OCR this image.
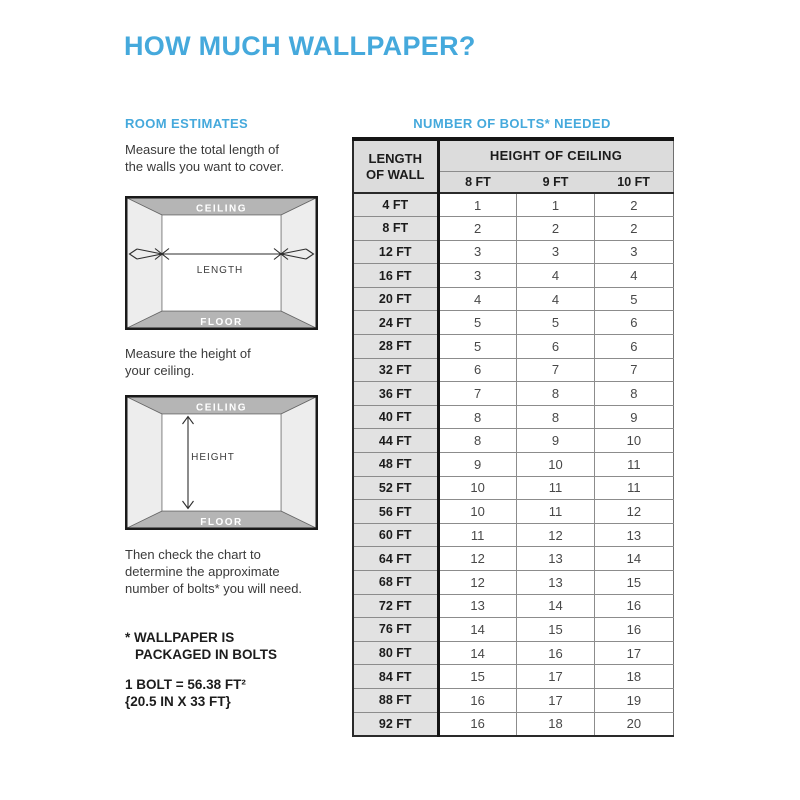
HOW MUCH WALLPAPER?
ROOM ESTIMATES
Measure the total length of
the walls you want to cover.
CEILING
FLOOR
LENGTH
Measure the height of
your ceiling.
CEILING
FLOOR
HEIGHT
Then check the chart to
determine the approximate
number of bolts* you will need.
* WALLPAPER IS
PACKAGED IN BOLTS
1 BOLT = 56.38 FT²
{20.5 IN X 33 FT}
NUMBER OF BOLTS* NEEDED
LENGTH
OF WALL	HEIGHT OF CEILING		
	8 FT	9 FT	10 FT
4 FT	1	1	2
8 FT	2	2	2
12 FT	3	3	3
16 FT	3	4	4
20 FT	4	4	5
24 FT	5	5	6
28 FT	5	6	6
32 FT	6	7	7
36 FT	7	8	8
40 FT	8	8	9
44 FT	8	9	10
48 FT	9	10	11
52 FT	10	11	11
56 FT	10	11	12
60 FT	11	12	13
64 FT	12	13	14
68 FT	12	13	15
72 FT	13	14	16
76 FT	14	15	16
80 FT	14	16	17
84 FT	15	17	18
88 FT	16	17	19
92 FT	16	18	20
